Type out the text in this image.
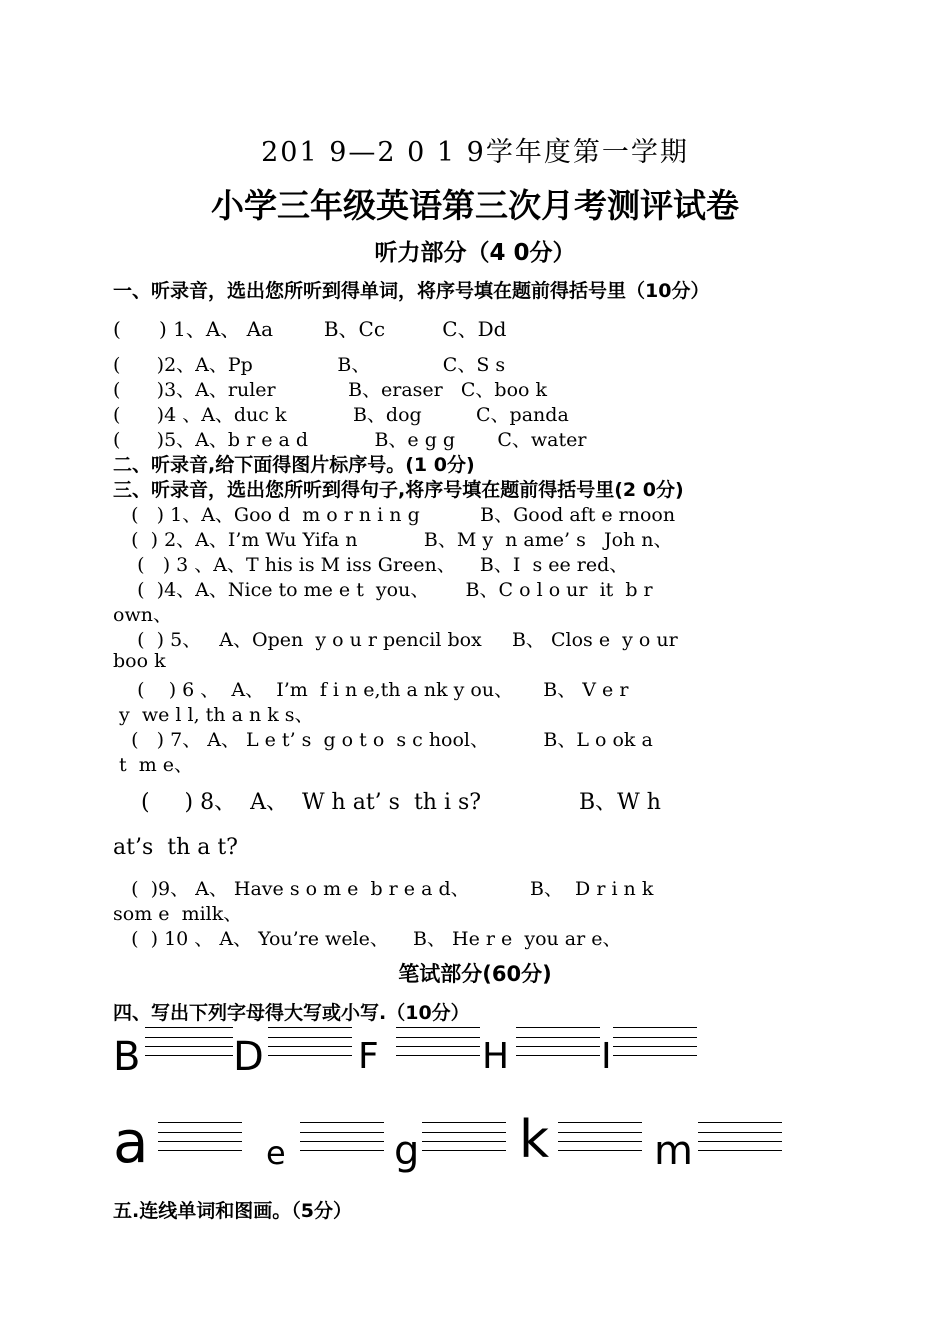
201 9—2 0 1 9学年度第一学期
小学三年级英语第三次月考测评试卷
听力部分（4 0分）
一、听录音，选出您所听到得单词，将序号填在题前得括号里（10分）
(      ) 1、A、 Aa        B、Cc         C、Dd
(      )2、A、Pp              B、            C、S s
(      )3、A、ruler            B、eraser   C、boo k
(      )4 、A、duc k           B、dog         C、panda
(      )5、A、b r e a d           B、e g g       C、water
二、听录音,给下面得图片标序号。(1 0分)
三、听录音，选出您所听到得句子,将序号填在题前得括号里(2 0分)
(   ) 1、A、Goo d  m o r n i n g          B、Good aft e rnoon
(  ) 2、A、I’m Wu Yifa n           B、M y  n ame’ s   Joh n、
(   ) 3 、A、T his is M iss Green、    B、I  s ee red、
(  )4、A、Nice to me e t  you、      B、C o l o ur  it  b r
own、
(  ) 5、   A、Open  y o u r pencil box     B、 Clos e  y o ur
boo k
(    ) 6 、  A、  I’m  f i n e,th a nk y ou、     B、 V e r
y  we l l, th a n k s、
(   ) 7、 A、 L e t’ s  g o t o  s c hool、         B、L o ok a
t  m e、
(     ) 8、  A、  W h at’ s  th i s?              B、W h
at’s  th a t?
(  )9、 A、 Have s o m e  b r e a d、          B、  D r i n k
som e  milk、
(  ) 10 、 A、 You’re wele、    B、 He r e  you ar e、
笔试部分(60分)
四、写出下列字母得大写或小写.（10分）
B D	F	H	I
a	e	g k	m
五.连线单词和图画。（5分）
